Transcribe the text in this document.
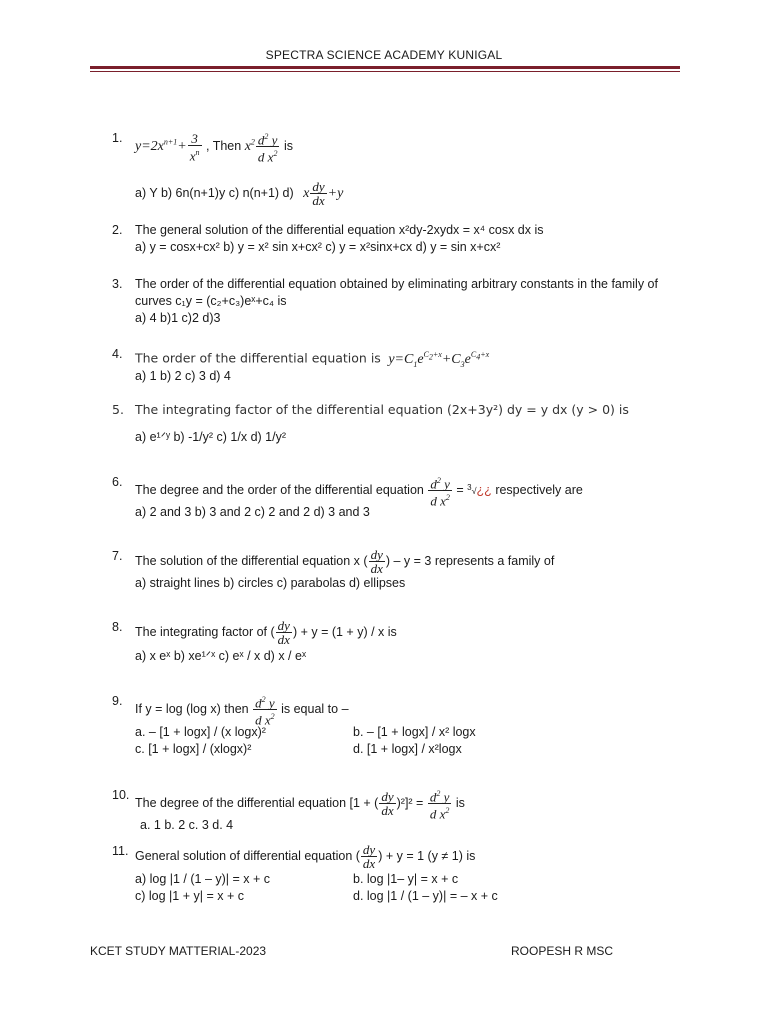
SPECTRA SCIENCE ACADEMY KUNIGAL
1.
$y=2x^{n+1}+ \frac{3}{x^n}$ , Then $x^2 \frac{d^2 y}{d x^2}$ is
a) Y b) 6n(n+1)y c) n(n+1) d) x $\frac{dy}{dx} +y$
2. The general solution of the differential equation x²dy-2xydx = x⁴ cosx dx is
a) y = cosx+cx² b) y = x² sin x+cx² c) y = x²sinx+cx d) y = sin x+cx²
3. The order of the differential equation obtained by eliminating arbitrary constants in the family of curves c₁y = (c₂+c₃)eˣ+c₄ is
a) 4 b)1 c)2 d)3
4. The order of the differential equation is $y=C_1e^{C_2+x}+C_3e^{C_4+x}$
a) 1 b) 2 c) 3 d) 4
5. The integrating factor of the differential equation (2x+3y²) dy = y dx (y > 0) is
a) e¹ᐟʸ b) -1/y² c) 1/x d) 1/y²
6.
The degree and the order of the differential equation $\frac{d^2 y}{d x^2}$ = $^3$√¿¿ respectively are
a) 2 and 3 b) 3 and 2 c) 2 and 2 d) 3 and 3
7. The solution of the differential equation x ( $\frac{dy}{dx}$ ) – y = 3 represents a family of
a) straight lines b) circles c) parabolas d) ellipses
8. The integrating factor of ( $\frac{dy}{dx}$ ) + y = (1 + y) / x is
a) x eˣ b) xe¹ᐟˣ c) eˣ / x d) x / eˣ
9.
If y = log (log x) then $\frac{d^2 y}{d x^2}$ is equal to –
a. – [1 + logx] / (x logx)²	b. – [1 + logx] / x² logx
c. [1 + logx] / (xlogx)²	d. [1 + logx] / x²logx
10.
The degree of the differential equation [1 + ( $\frac{dy}{dx} )^2]^2 = \frac{d^2 y}{d x^2}$ is
a. 1 b. 2 c. 3 d. 4
11. General solution of differential equation ( $\frac{dy}{dx}$ ) + y = 1 (y ≠ 1) is
a) log |1 / (1 – y)| = x + c	b. log |1– y| = x + c
c) log |1 + y| = x + c	d. log |1 / (1 – y)| = – x + c
KCET STUDY MATTERIAL-2023	ROOPESH R MSC
